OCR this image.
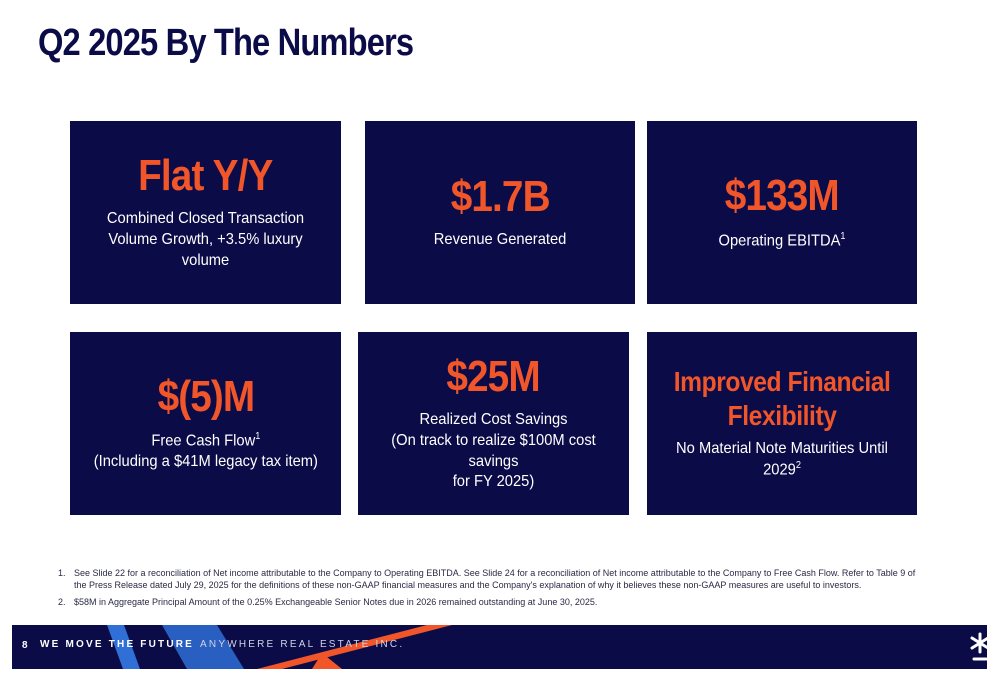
Q2 2025 By The Numbers
Flat Y/Y
Combined Closed Transaction
Volume Growth, +3.5% luxury volume
$1.7B
Revenue Generated
$133M
Operating EBITDA$^1$
$(5)M
Free Cash Flow$^1$
(Including a $41M legacy tax item)
$25M
Realized Cost Savings
(On track to realize $100M cost savings
for FY 2025)
Improved Financial
Flexibility
No Material Note Maturities Until 2029$^2$
1. See Slide 22 for a reconciliation of Net income attributable to the Company to Operating EBITDA. See Slide 24 for a reconciliation of Net income attributable to the Company to Free Cash Flow. Refer to Table 9 of the Press Release dated July 29, 2025 for the definitions of these non-GAAP financial measures and the Company's explanation of why it believes these non-GAAP measures are useful to investors.
2. $58M in Aggregate Principal Amount of the 0.25% Exchangeable Senior Notes due in 2026 remained outstanding at June 30, 2025.
8 WE MOVE THE FUTURE ANYWHERE REAL ESTATE INC.
